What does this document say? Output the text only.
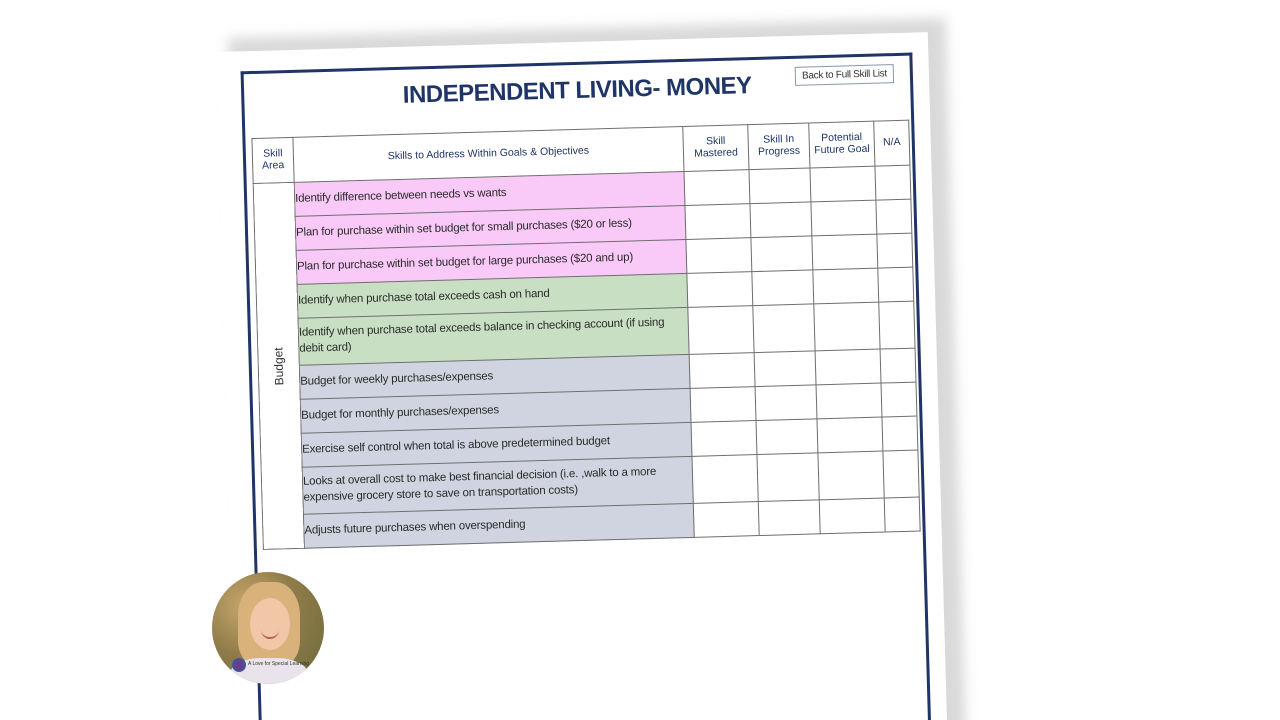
Back to Full Skill List
INDEPENDENT LIVING- MONEY
Skill Area	Skills to Address Within Goals & Objectives	Skill Mastered	Skill In Progress	Potential Future Goal	N/A

Budget	Identify difference between needs vs wants				
	Plan for purchase within set budget for small purchases ($20 or less)				
	Plan for purchase within set budget for large purchases ($20 and up)				
	Identify when purchase total exceeds cash on hand				
	Identify when purchase total exceeds balance in checking account (if using debit card)				
	Budget for weekly purchases/expenses				
	Budget for monthly purchases/expenses				
	Exercise self control when total is above predetermined budget				
	Looks at overall cost to make best financial decision (i.e. ,walk to a more expensive grocery store to save on transportation costs)				
	Adjusts future purchases when overspending				
A Love for Special Learning
